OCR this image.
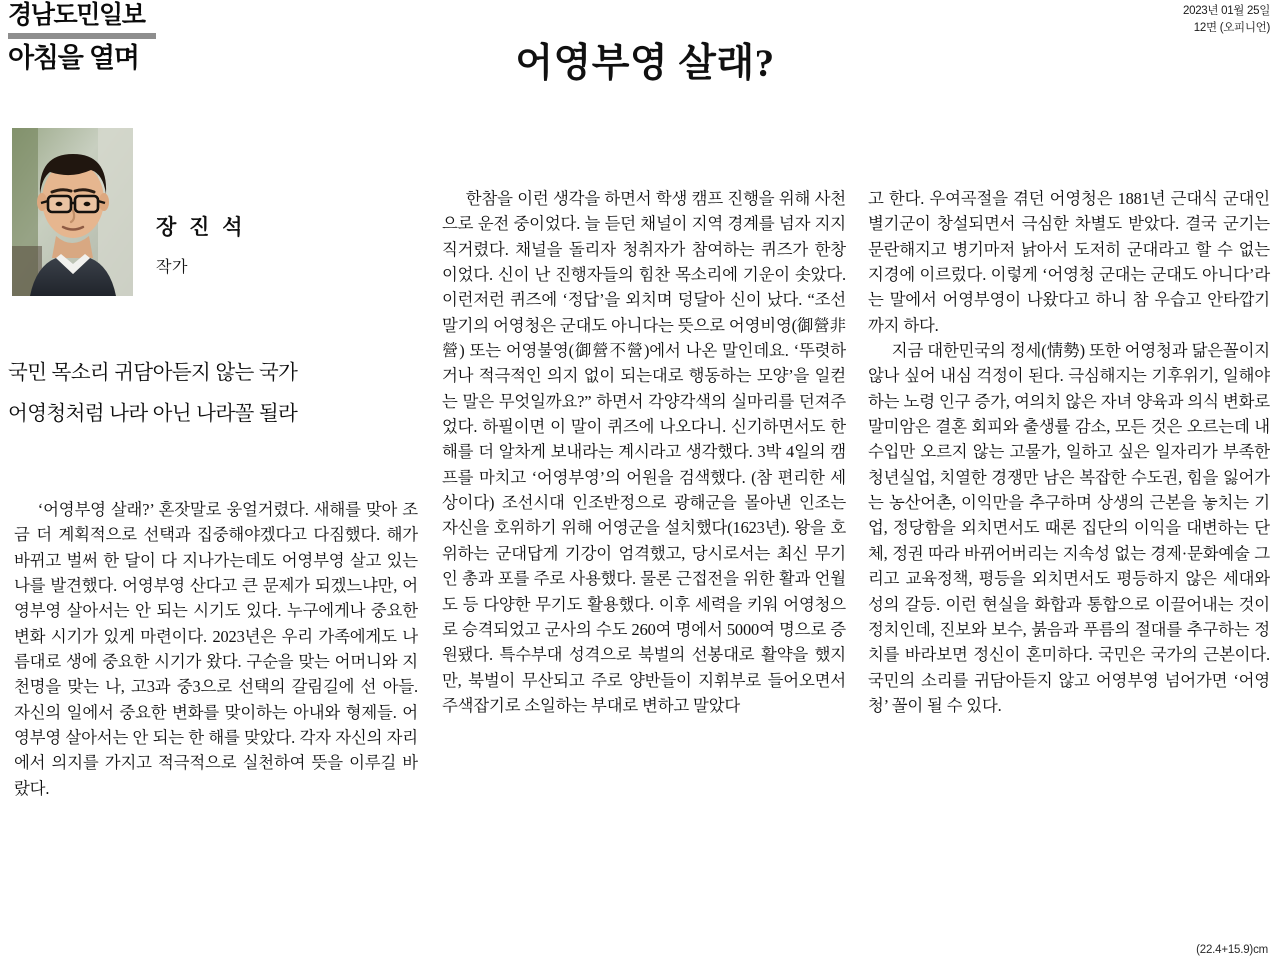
경남도민일보
아침을 열며
2023년 01월 25일
12면 (오피니언)
어영부영 살래?
장 진 석
작가
국민 목소리 귀담아듣지 않는 국가
어영청처럼 나라 아닌 나라꼴 될라

‘어영부영 살래?’ 혼잣말로 웅얼거렸다. 새해를 맞아 조금 더 계획적으로 선택과 집중해야겠다고 다짐했다. 해가 바뀌고 벌써 한 달이 다 지나가는데도 어영부영 살고 있는 나를 발견했다. 어영부영 산다고 큰 문제가 되겠느냐만, 어영부영 살아서는 안 되는 시기도 있다. 누구에게나 중요한 변화 시기가 있게 마련이다. 2023년은 우리 가족에게도 나름대로 생에 중요한 시기가 왔다. 구순을 맞는 어머니와 지천명을 맞는 나, 고3과 중3으로 선택의 갈림길에 선 아들. 자신의 일에서 중요한 변화를 맞이하는 아내와 형제들. 어영부영 살아서는 안 되는 한 해를 맞았다. 각자 자신의 자리에서 의지를 가지고 적극적으로 실천하여 뜻을 이루길 바랐다.

한참을 이런 생각을 하면서 학생 캠프 진행을 위해 사천으로 운전 중이었다. 늘 듣던 채널이 지역 경계를 넘자 지지직거렸다. 채널을 돌리자 청취자가 참여하는 퀴즈가 한창이었다. 신이 난 진행자들의 힘찬 목소리에 기운이 솟았다. 이런저런 퀴즈에 ‘정답’을 외치며 덩달아 신이 났다. “조선 말기의 어영청은 군대도 아니다는 뜻으로 어영비영(御營非營) 또는 어영불영(御營不營)에서 나온 말인데요. ‘뚜렷하거나 적극적인 의지 없이 되는대로 행동하는 모양’을 일컫는 말은 무엇일까요?” 하면서 각양각색의 실마리를 던져주었다. 하필이면 이 말이 퀴즈에 나오다니. 신기하면서도 한 해를 더 알차게 보내라는 계시라고 생각했다. 3박 4일의 캠프를 마치고 ‘어영부영’의 어원을 검색했다. (참 편리한 세상이다) 조선시대 인조반정으로 광해군을 몰아낸 인조는 자신을 호위하기 위해 어영군을 설치했다(1623년). 왕을 호위하는 군대답게 기강이 엄격했고, 당시로서는 최신 무기인 총과 포를 주로 사용했다. 물론 근접전을 위한 활과 언월도 등 다양한 무기도 활용했다. 이후 세력을 키워 어영청으로 승격되었고 군사의 수도 260여 명에서 5000여 명으로 증원됐다. 특수부대 성격으로 북벌의 선봉대로 활약을 했지만, 북벌이 무산되고 주로 양반들이 지휘부로 들어오면서 주색잡기로 소일하는 부대로 변하고 말았다

고 한다. 우여곡절을 겪던 어영청은 1881년 근대식 군대인 별기군이 창설되면서 극심한 차별도 받았다. 결국 군기는 문란해지고 병기마저 낡아서 도저히 군대라고 할 수 없는 지경에 이르렀다. 이렇게 ‘어영청 군대는 군대도 아니다’라는 말에서 어영부영이 나왔다고 하니 참 우습고 안타깝기까지 하다.

지금 대한민국의 정세(情勢) 또한 어영청과 닮은꼴이지 않나 싶어 내심 걱정이 된다. 극심해지는 기후위기, 일해야 하는 노령 인구 증가, 여의치 않은 자녀 양육과 의식 변화로 말미암은 결혼 회피와 출생률 감소, 모든 것은 오르는데 내 수입만 오르지 않는 고물가, 일하고 싶은 일자리가 부족한 청년실업, 치열한 경쟁만 남은 복잡한 수도권, 힘을 잃어가는 농산어촌, 이익만을 추구하며 상생의 근본을 놓치는 기업, 정당함을 외치면서도 때론 집단의 이익을 대변하는 단체, 정권 따라 바뀌어버리는 지속성 없는 경제·문화예술 그리고 교육정책, 평등을 외치면서도 평등하지 않은 세대와 성의 갈등. 이런 현실을 화합과 통합으로 이끌어내는 것이 정치인데, 진보와 보수, 붉음과 푸름의 절대를 추구하는 정치를 바라보면 정신이 혼미하다. 국민은 국가의 근본이다. 국민의 소리를 귀담아듣지 않고 어영부영 넘어가면 ‘어영청’ 꼴이 될 수 있다.

(22.4+15.9)cm
